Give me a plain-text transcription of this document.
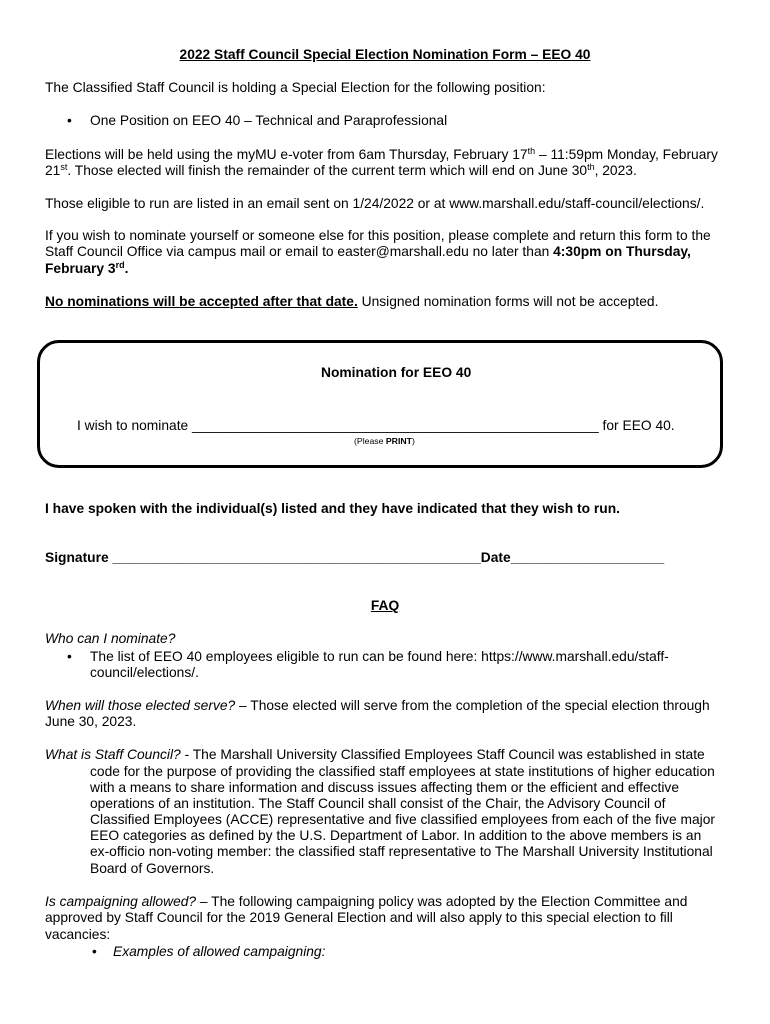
2022 Staff Council Special Election Nomination Form – EEO 40
The Classified Staff Council is holding a Special Election for the following position:
• One Position on EEO 40 – Technical and Paraprofessional
Elections will be held using the myMU e-voter from 6am Thursday, February 17th – 11:59pm Monday, February
21st. Those elected will finish the remainder of the current term which will end on June 30th, 2023.
Those eligible to run are listed in an email sent on 1/24/2022 or at www.marshall.edu/staff-council/elections/.
If you wish to nominate yourself or someone else for this position, please complete and return this form to the
Staff Council Office via campus mail or email to easter@marshall.edu no later than 4:30pm on Thursday,
February 3rd.
No nominations will be accepted after that date. Unsigned nomination forms will not be accepted.
Nomination for EEO 40
I wish to nominate _____________________________________________________ for EEO 40.
(Please PRINT)
I have spoken with the individual(s) listed and they have indicated that they wish to run.
Signature ________________________________________________Date____________________
FAQ
Who can I nominate?
• The list of EEO 40 employees eligible to run can be found here: https://www.marshall.edu/staff-
council/elections/.
When will those elected serve? – Those elected will serve from the completion of the special election through
June 30, 2023.
What is Staff Council? - The Marshall University Classified Employees Staff Council was established in state
code for the purpose of providing the classified staff employees at state institutions of higher education
with a means to share information and discuss issues affecting them or the efficient and effective
operations of an institution. The Staff Council shall consist of the Chair, the Advisory Council of
Classified Employees (ACCE) representative and five classified employees from each of the five major
EEO categories as defined by the U.S. Department of Labor. In addition to the above members is an
ex-officio non-voting member: the classified staff representative to The Marshall University Institutional
Board of Governors.
Is campaigning allowed? – The following campaigning policy was adopted by the Election Committee and
approved by Staff Council for the 2019 General Election and will also apply to this special election to fill
vacancies:
• Examples of allowed campaigning:
